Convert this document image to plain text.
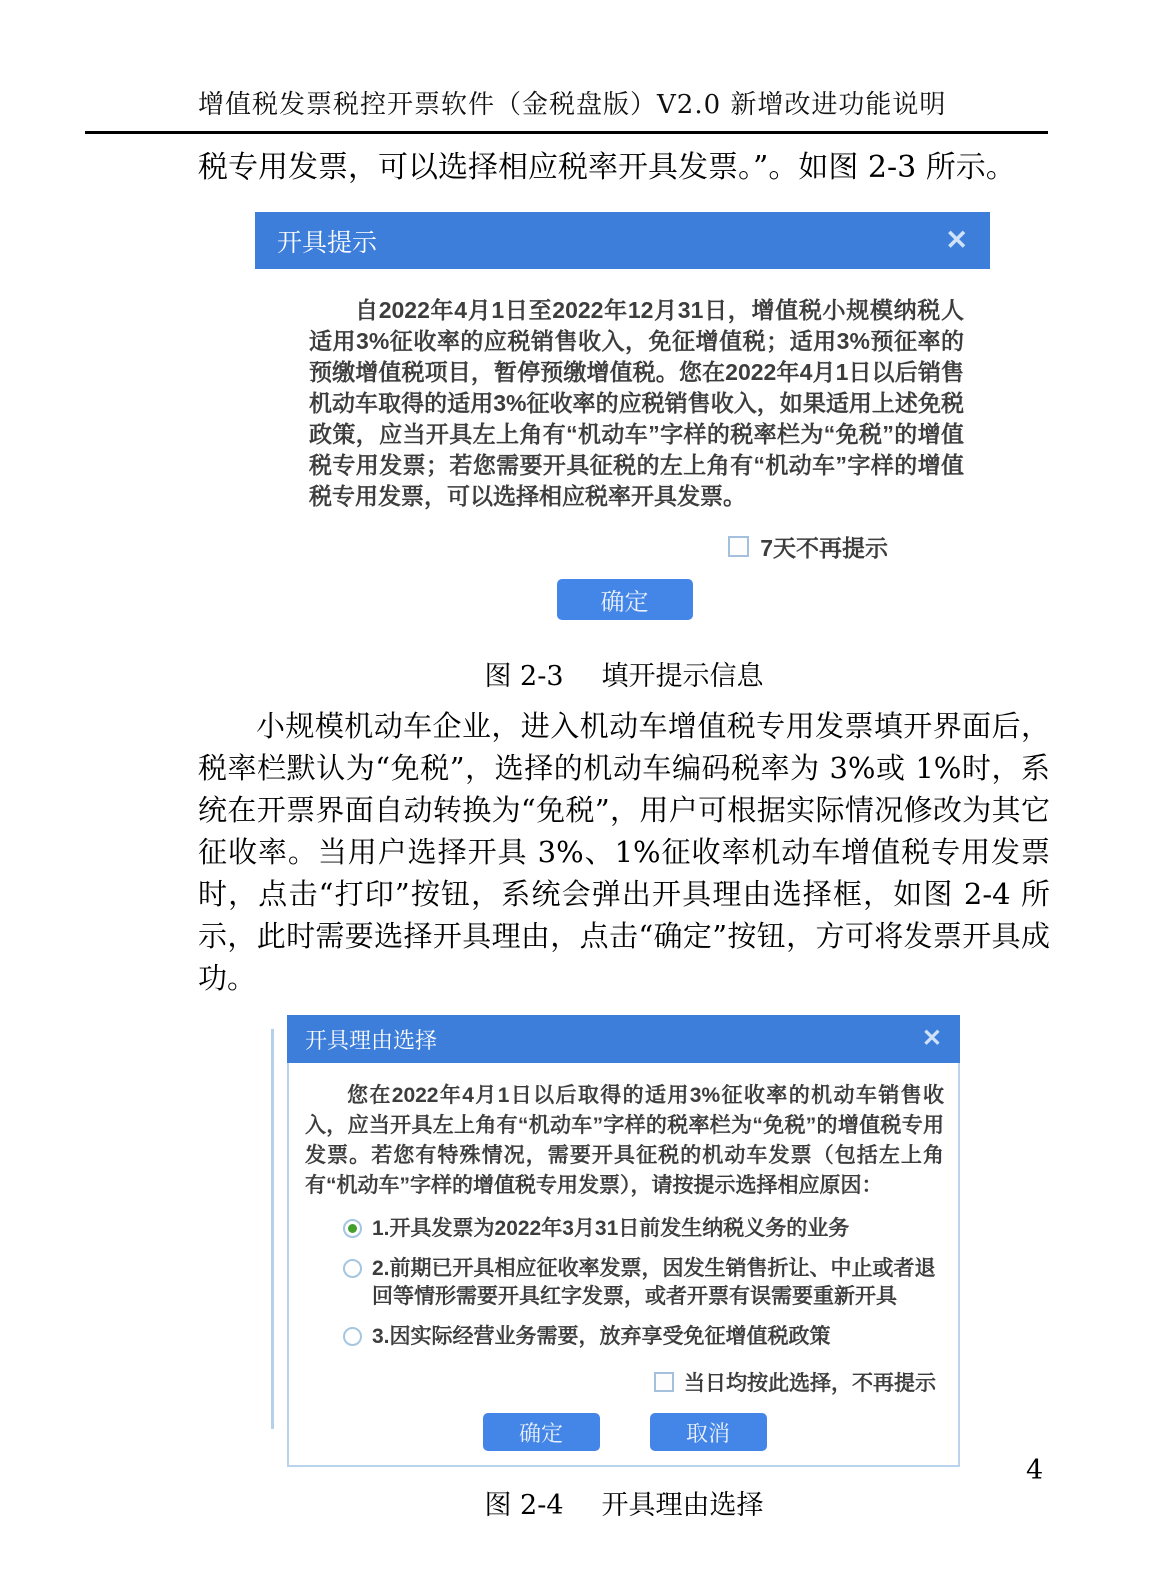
增值税发票税控开票软件（金税盘版）V2.0 新增改进功能说明
税专用发票，可以选择相应税率开具发票。”。如图 2-3 所示。
开具提示	✕

自2022年4月1日至2022年12月31日，增值税小规模纳税人适用3%征收率的应税销售收入，免征增值税；适用3%预征率的预缴增值税项目，暂停预缴增值税。您在2022年4月1日以后销售机动车取得的适用3%征收率的应税销售收入，如果适用上述免税政策，应当开具左上角有“机动车”字样的税率栏为“免税”的增值税专用发票；若您需要开具征税的左上角有“机动车”字样的增值税专用发票，可以选择相应税率开具发票。

7天不再提示
确定
图 2-3 填开提示信息

小规模机动车企业，进入机动车增值税专用发票填开界面后，税率栏默认为“免税”，选择的机动车编码税率为 3%或 1%时，系统在开票界面自动转换为“免税”，用户可根据实际情况修改为其它征收率。当用户选择开具 3%、1%征收率机动车增值税专用发票时，点击“打印”按钮，系统会弹出开具理由选择框，如图 2-4 所示，此时需要选择开具理由，点击“确定”按钮，方可将发票开具成功。

开具理由选择	✕

您在2022年4月1日以后取得的适用3%征收率的机动车销售收入，应当开具左上角有“机动车”字样的税率栏为“免税”的增值税专用发票。若您有特殊情况，需要开具征税的机动车发票（包括左上角有“机动车”字样的增值税专用发票），请按提示选择相应原因：

1.开具发票为2022年3月31日前发生纳税义务的业务
2.前期已开具相应征收率发票，因发生销售折让、中止或者退回等情形需要开具红字发票，或者开票有误需要重新开具
3.因实际经营业务需要，放弃享受免征增值税政策
当日均按此选择，不再提示
确定	取消
图 2-4 开具理由选择
4
